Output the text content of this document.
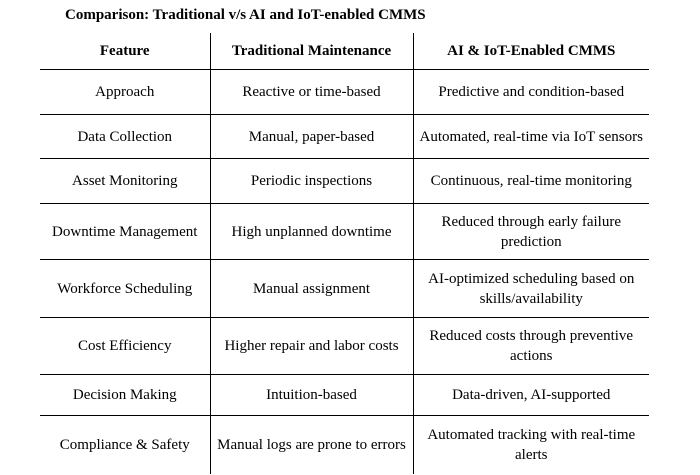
Comparison: Traditional v/s AI and IoT-enabled CMMS
Feature	Traditional Maintenance	AI & IoT-Enabled CMMS
Approach	Reactive or time-based	Predictive and condition-based
Data Collection	Manual, paper-based	Automated, real-time via IoT sensors
Asset Monitoring	Periodic inspections	Continuous, real-time monitoring
Downtime Management	High unplanned downtime	Reduced through early failure prediction
Workforce Scheduling	Manual assignment	AI-optimized scheduling based on skills/availability
Cost Efficiency	Higher repair and labor costs	Reduced costs through preventive actions
Decision Making	Intuition-based	Data-driven, AI-supported
Compliance & Safety	Manual logs are prone to errors	Automated tracking with real-time alerts
